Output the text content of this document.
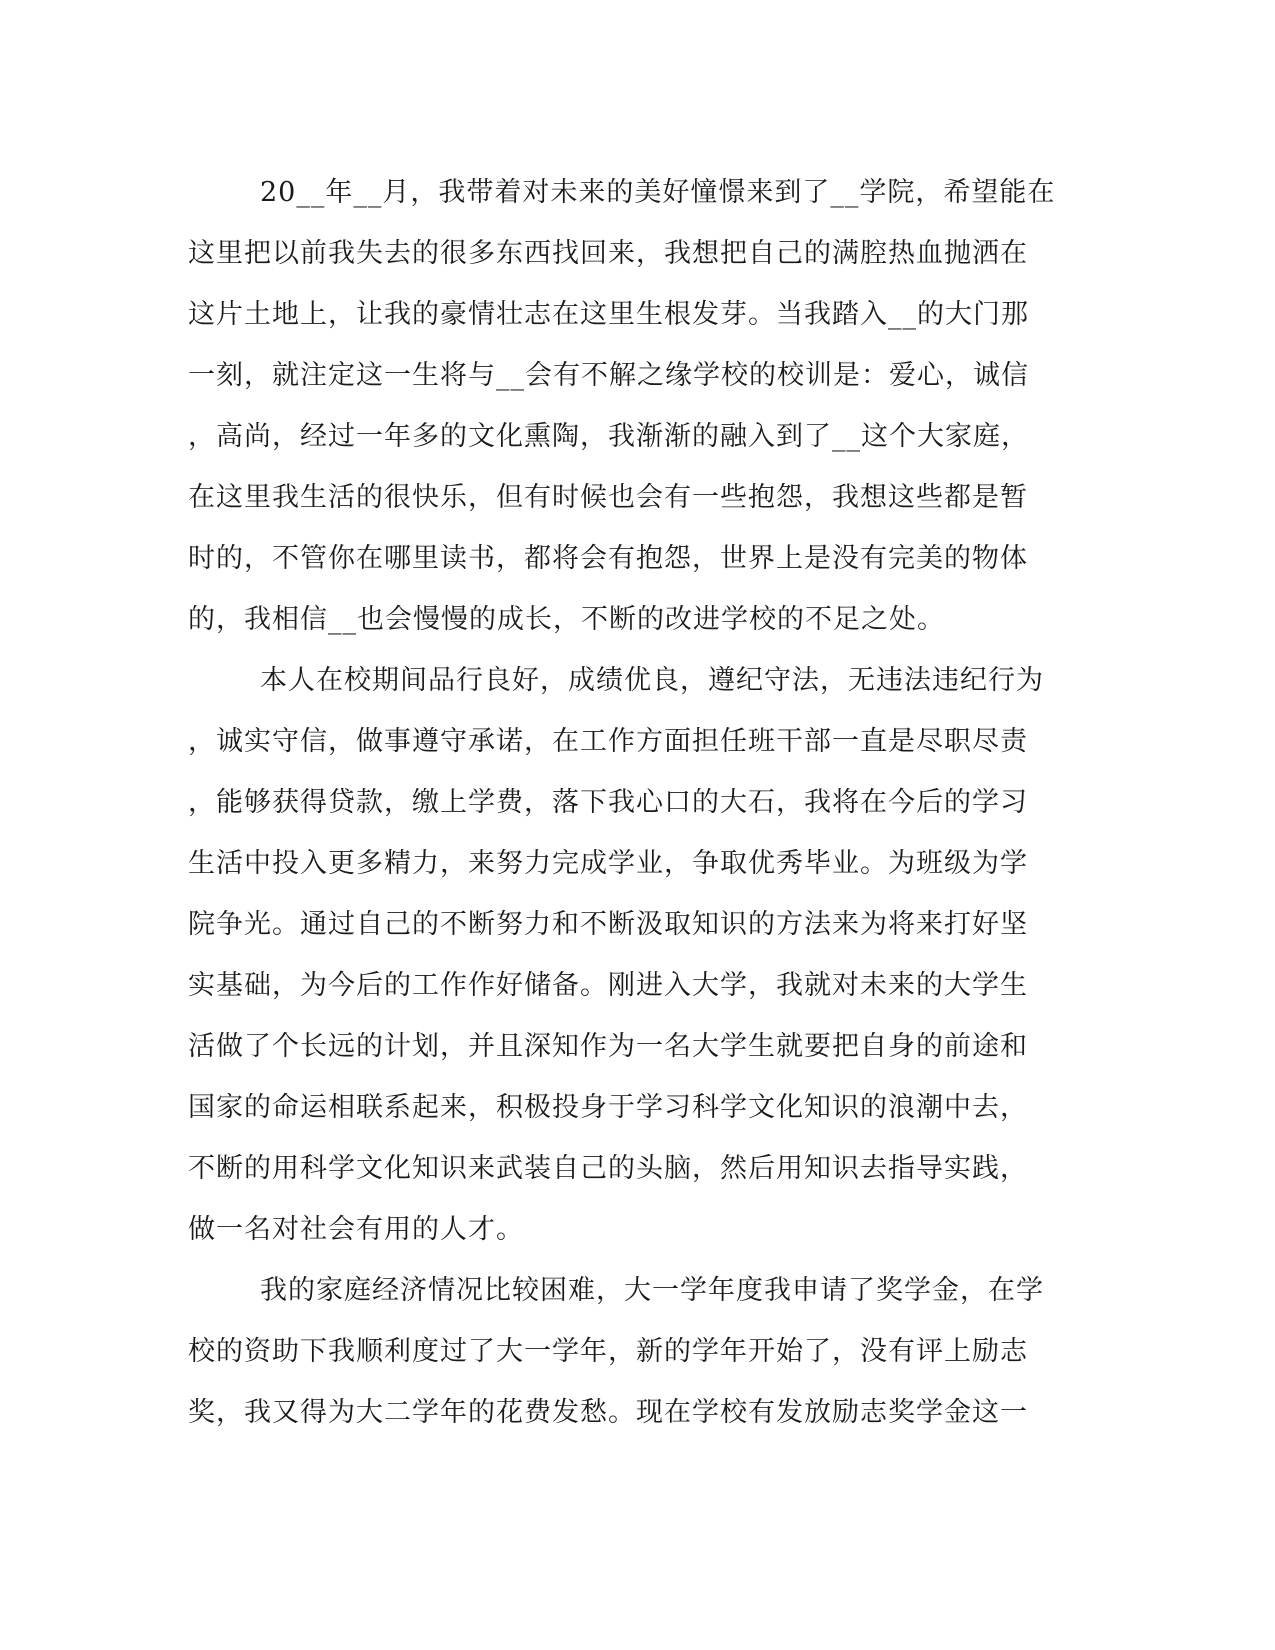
20__年__月，我带着对未来的美好憧憬来到了__学院，希望能在
这里把以前我失去的很多东西找回来，我想把自己的满腔热血抛洒在
这片土地上，让我的豪情壮志在这里生根发芽。当我踏入__的大门那
一刻，就注定这一生将与__会有不解之缘学校的校训是：爱心，诚信
，高尚，经过一年多的文化熏陶，我渐渐的融入到了__这个大家庭，
在这里我生活的很快乐，但有时候也会有一些抱怨，我想这些都是暂
时的，不管你在哪里读书，都将会有抱怨，世界上是没有完美的物体
的，我相信__也会慢慢的成长，不断的改进学校的不足之处。
本人在校期间品行良好，成绩优良，遵纪守法，无违法违纪行为
，诚实守信，做事遵守承诺，在工作方面担任班干部一直是尽职尽责
，能够获得贷款，缴上学费，落下我心口的大石，我将在今后的学习
生活中投入更多精力，来努力完成学业，争取优秀毕业。为班级为学
院争光。通过自己的不断努力和不断汲取知识的方法来为将来打好坚
实基础，为今后的工作作好储备。刚进入大学，我就对未来的大学生
活做了个长远的计划，并且深知作为一名大学生就要把自身的前途和
国家的命运相联系起来，积极投身于学习科学文化知识的浪潮中去，
不断的用科学文化知识来武装自己的头脑，然后用知识去指导实践，
做一名对社会有用的人才。
我的家庭经济情况比较困难，大一学年度我申请了奖学金，在学
校的资助下我顺利度过了大一学年，新的学年开始了，没有评上励志
奖，我又得为大二学年的花费发愁。现在学校有发放励志奖学金这一
